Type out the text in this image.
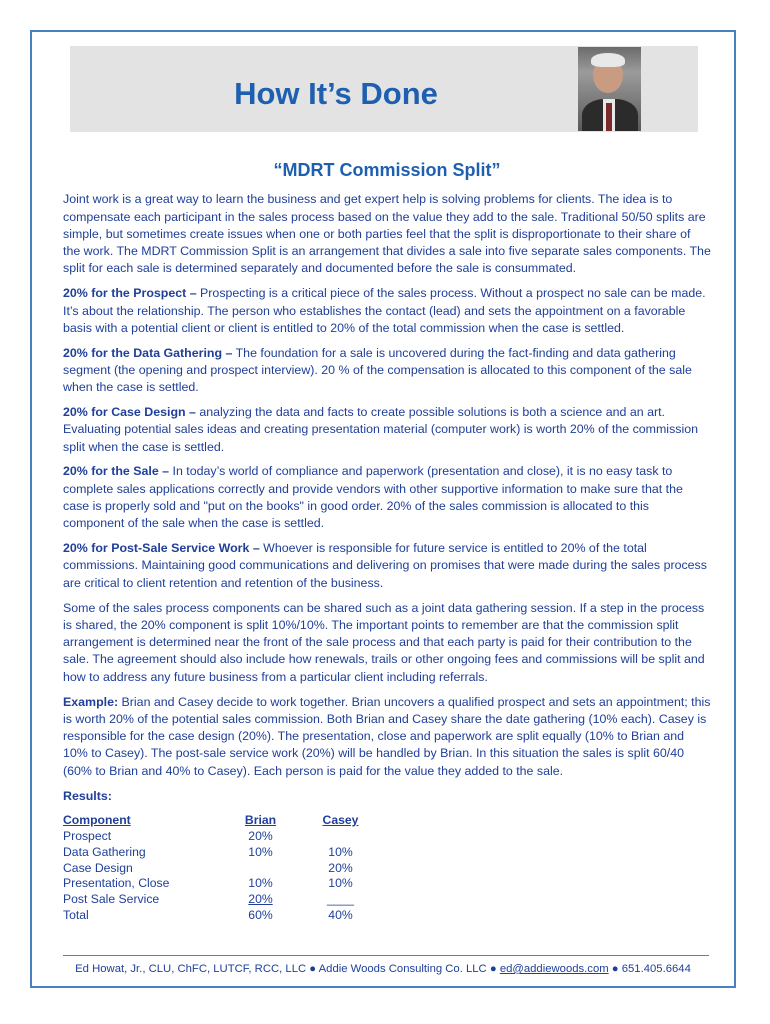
How It’s Done

“MDRT Commission Split”

Joint work is a great way to learn the business and get expert help is solving problems for clients. The idea is to compensate each participant in the sales process based on the value they add to the sale. Traditional 50/50 splits are simple, but sometimes create issues when one or both parties feel that the split is disproportionate to their share of the work. The MDRT Commission Split is an arrangement that divides a sale into five separate sales components. The split for each sale is determined separately and documented before the sale is consummated.

20% for the Prospect – Prospecting is a critical piece of the sales process. Without a prospect no sale can be made. It’s about the relationship. The person who establishes the contact (lead) and sets the appointment on a favorable basis with a potential client or client is entitled to 20% of the total commission when the case is settled.

20% for the Data Gathering – The foundation for a sale is uncovered during the fact-finding and data gathering segment (the opening and prospect interview). 20 % of the compensation is allocated to this component of the sale when the case is settled.

20% for Case Design – analyzing the data and facts to create possible solutions is both a science and an art. Evaluating potential sales ideas and creating presentation material (computer work) is worth 20% of the commission split when the case is settled.

20% for the Sale – In today’s world of compliance and paperwork (presentation and close), it is no easy task to complete sales applications correctly and provide vendors with other supportive information to make sure that the case is properly sold and "put on the books" in good order. 20% of the sales commission is allocated to this component of the sale when the case is settled.

20% for Post-Sale Service Work – Whoever is responsible for future service is entitled to 20% of the total commissions. Maintaining good communications and delivering on promises that were made during the sales process are critical to client retention and retention of the business.

Some of the sales process components can be shared such as a joint data gathering session. If a step in the process is shared, the 20% component is split 10%/10%. The important points to remember are that the commission split arrangement is determined near the front of the sale process and that each party is paid for their contribution to the sale. The agreement should also include how renewals, trails or other ongoing fees and commissions will be split and how to address any future business from a particular client including referrals.

Example: Brian and Casey decide to work together. Brian uncovers a qualified prospect and sets an appointment; this is worth 20% of the potential sales commission. Both Brian and Casey share the date gathering (10% each). Casey is responsible for the case design (20%). The presentation, close and paperwork are split equally (10% to Brian and 10% to Casey). The post-sale service work (20%) will be handled by Brian. In this situation the sales is split 60/40 (60% to Brian and 40% to Casey). Each person is paid for the value they added to the sale.

Results:

Component	Brian	Casey
Prospect	20%	
Data Gathering	10%	10%
Case Design		20%
Presentation, Close	10%	10%
Post Sale Service	20%	____
Total	60%	40%
Ed Howat, Jr., CLU, ChFC, LUTCF, RCC, LLC ● Addie Woods Consulting Co. LLC ● ed@addiewoods.com ● 651.405.6644
